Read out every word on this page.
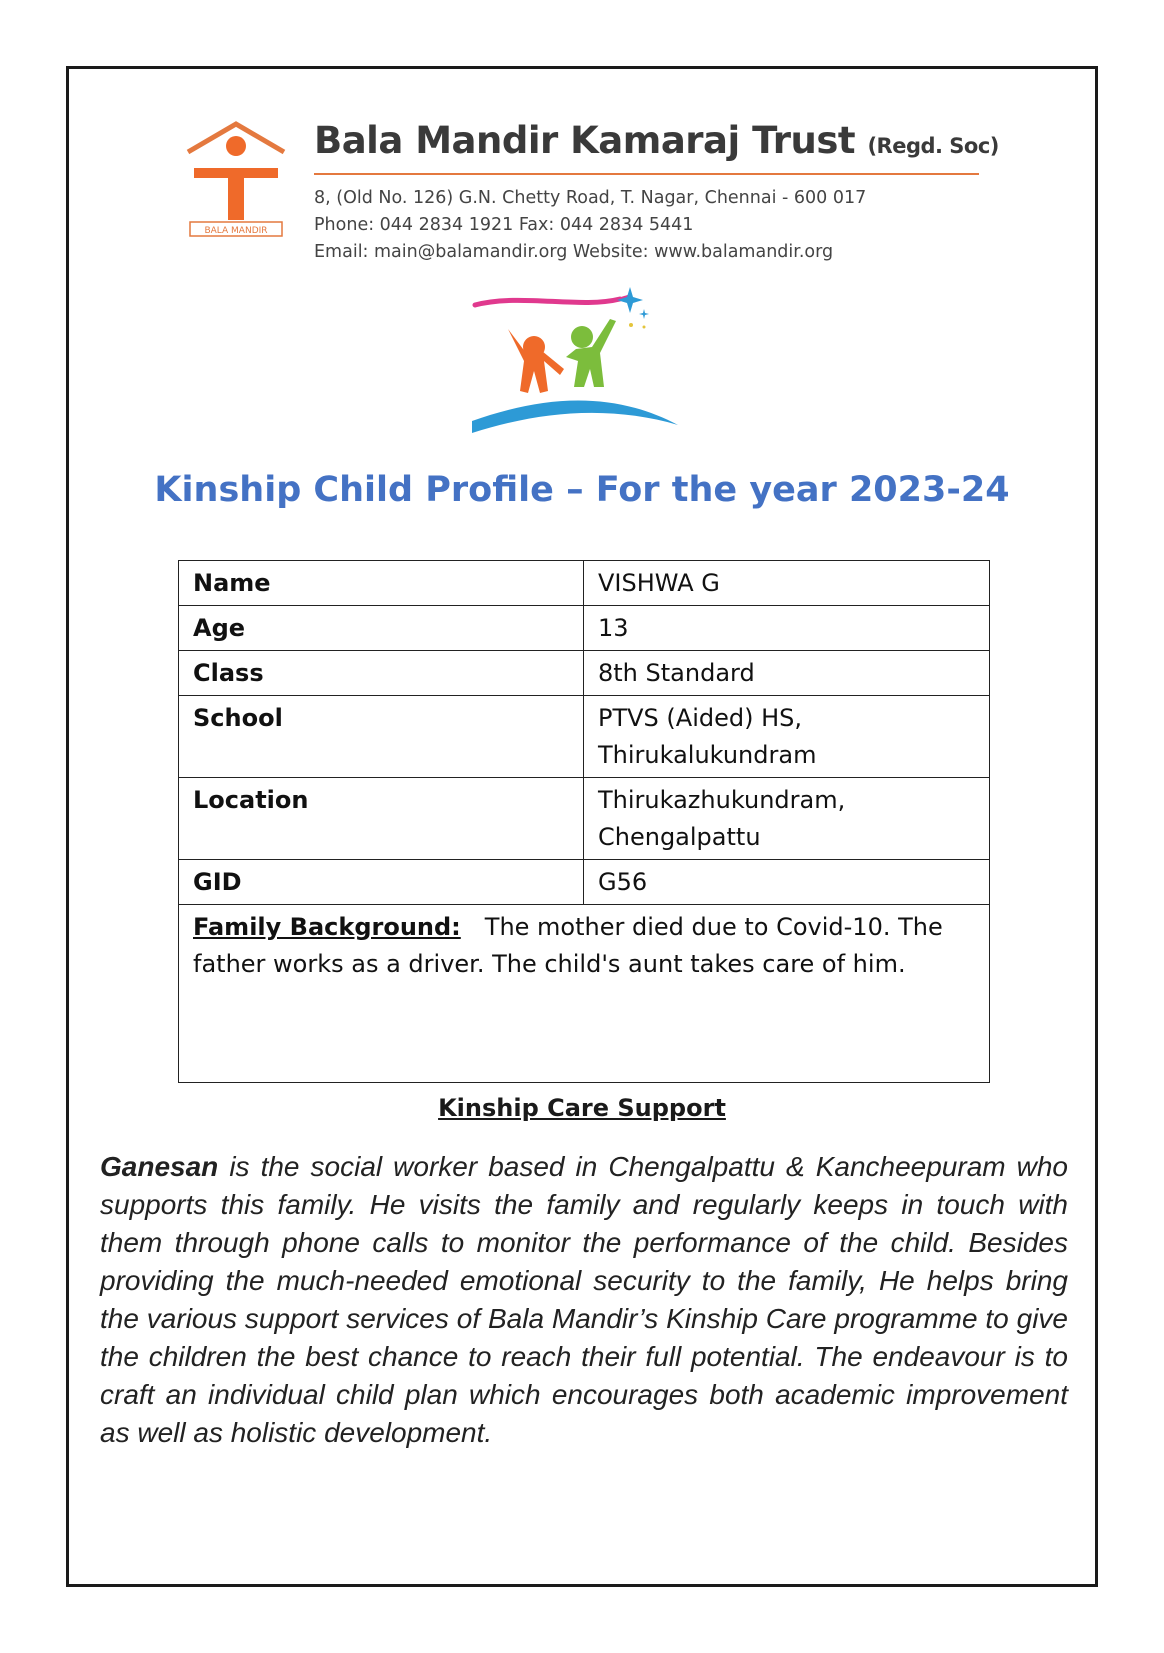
BALA MANDIR
Bala Mandir Kamaraj Trust (Regd. Soc)
8, (Old No. 126) G.N. Chetty Road, T. Nagar, Chennai - 600 017
Phone: 044 2834 1921 Fax: 044 2834 5441
Email: main@balamandir.org Website: www.balamandir.org
Kinship Child Profile – For the year 2023-24
Name	VISHWA G
Age	13
Class	8th Standard
School	PTVS (Aided) HS,
Thirukalukundram

Location	Thirukazhukundram,
Chengalpattu

GID	G56
Family Background: The mother died due to Covid-10. The father works as a driver. The child's aunt takes care of him.	
Kinship Care Support
Ganesan is the social worker based in Chengalpattu & Kancheepuram who supports this family. He visits the family and regularly keeps in touch with them through phone calls to monitor the performance of the child. Besides providing the much-needed emotional security to the family, He helps bring the various support services of Bala Mandir’s Kinship Care programme to give the children the best chance to reach their full potential. The endeavour is to craft an individual child plan which encourages both academic improvement as well as holistic development.
